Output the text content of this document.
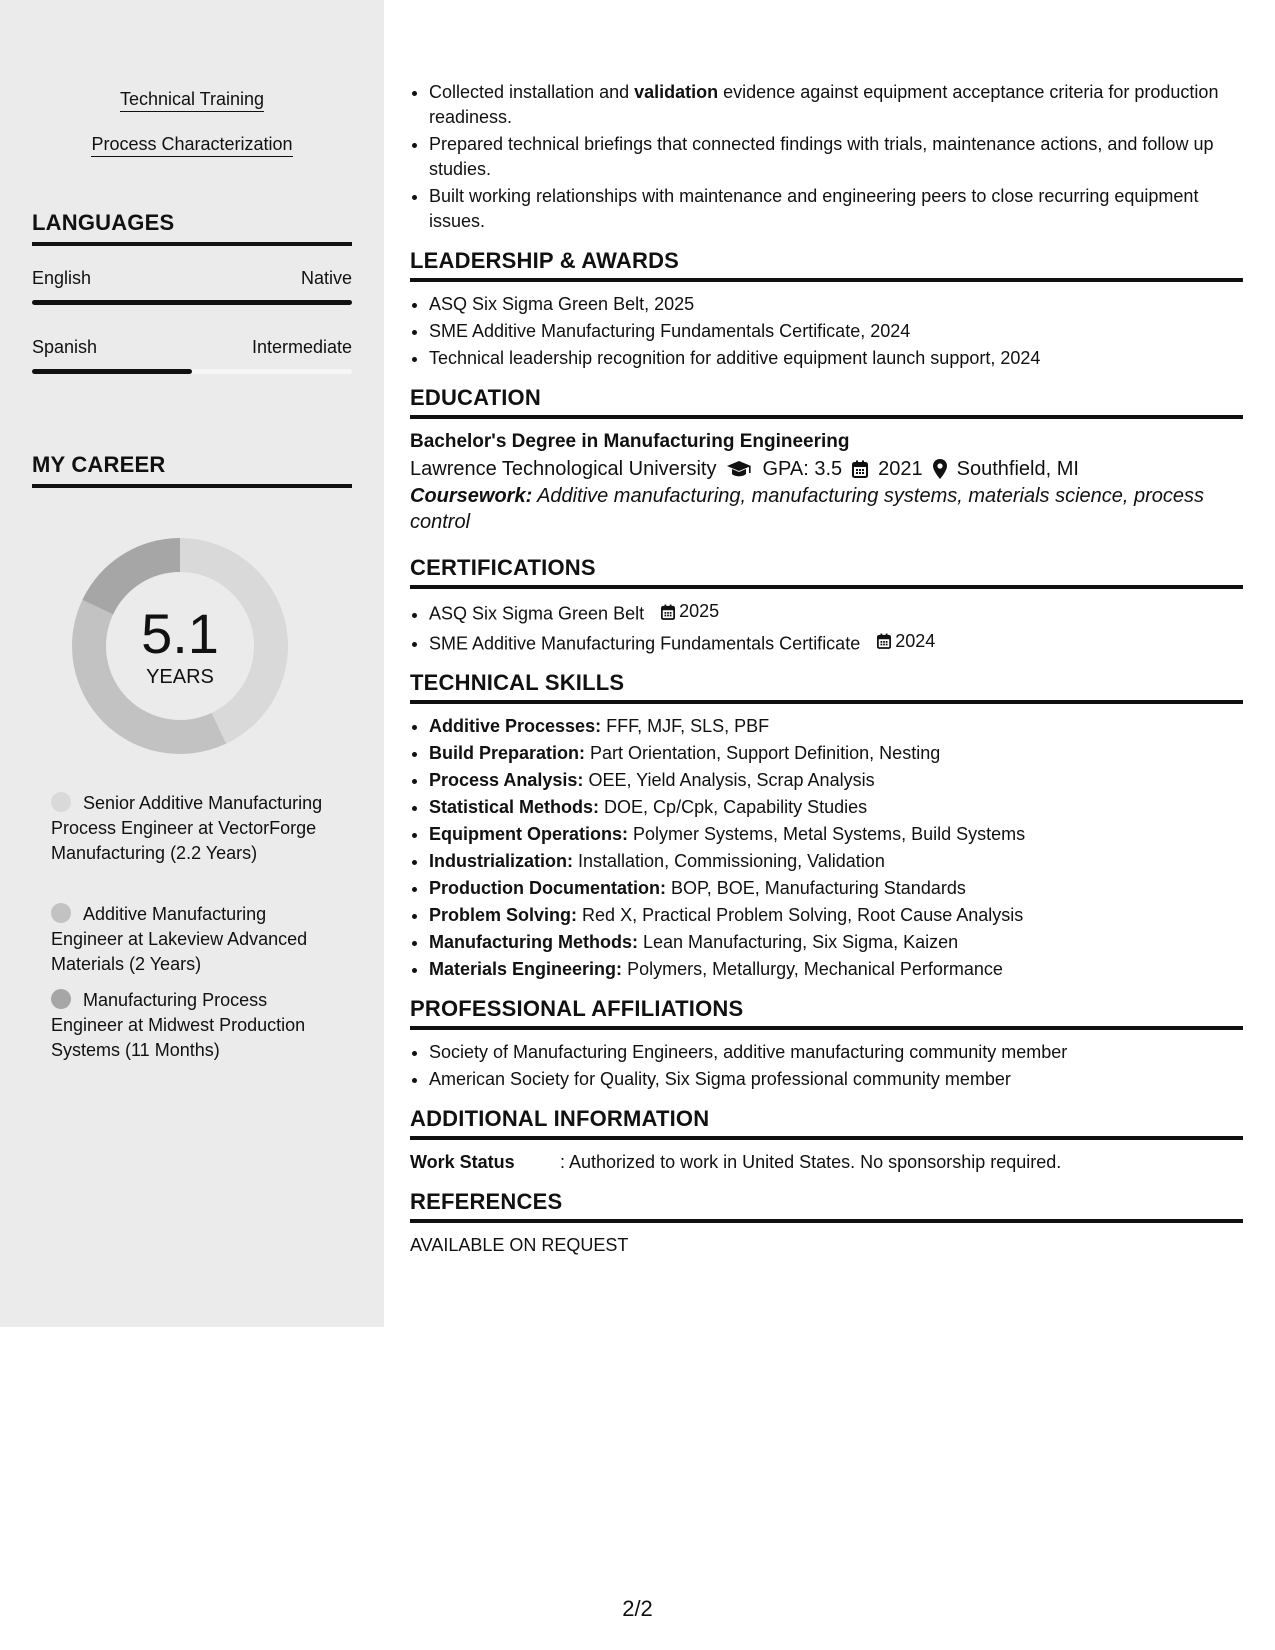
Technical Training
Process Characterization
LANGUAGES
English	Native
Spanish	Intermediate
MY CAREER
5.1
YEARS
Senior Additive Manufacturing Process Engineer at VectorForge Manufacturing (2.2 Years)
Additive Manufacturing Engineer at Lakeview Advanced Materials (2 Years)
Manufacturing Process Engineer at Midwest Production Systems (11 Months)
• Collected installation and validation evidence against equipment acceptance criteria for production readiness.
• Prepared technical briefings that connected findings with trials, maintenance actions, and follow up studies.
• Built working relationships with maintenance and engineering peers to close recurring equipment issues.
LEADERSHIP & AWARDS
• ASQ Six Sigma Green Belt, 2025
• SME Additive Manufacturing Fundamentals Certificate, 2024
• Technical leadership recognition for additive equipment launch support, 2024
EDUCATION
Bachelor's Degree in Manufacturing Engineering
Lawrence Technological University GPA: 3.5 2021 Southfield, MI
Coursework: Additive manufacturing, manufacturing systems, materials science, process control
CERTIFICATIONS
• ASQ Six Sigma Green Belt 2025
• SME Additive Manufacturing Fundamentals Certificate 2024
TECHNICAL SKILLS
• Additive Processes: FFF, MJF, SLS, PBF
• Build Preparation: Part Orientation, Support Definition, Nesting
• Process Analysis: OEE, Yield Analysis, Scrap Analysis
• Statistical Methods: DOE, Cp/Cpk, Capability Studies
• Equipment Operations: Polymer Systems, Metal Systems, Build Systems
• Industrialization: Installation, Commissioning, Validation
• Production Documentation: BOP, BOE, Manufacturing Standards
• Problem Solving: Red X, Practical Problem Solving, Root Cause Analysis
• Manufacturing Methods: Lean Manufacturing, Six Sigma, Kaizen
• Materials Engineering: Polymers, Metallurgy, Mechanical Performance
PROFESSIONAL AFFILIATIONS
• Society of Manufacturing Engineers, additive manufacturing community member
• American Society for Quality, Six Sigma professional community member
ADDITIONAL INFORMATION
Work Status	: Authorized to work in United States. No sponsorship required.
REFERENCES
AVAILABLE ON REQUEST
2/2
